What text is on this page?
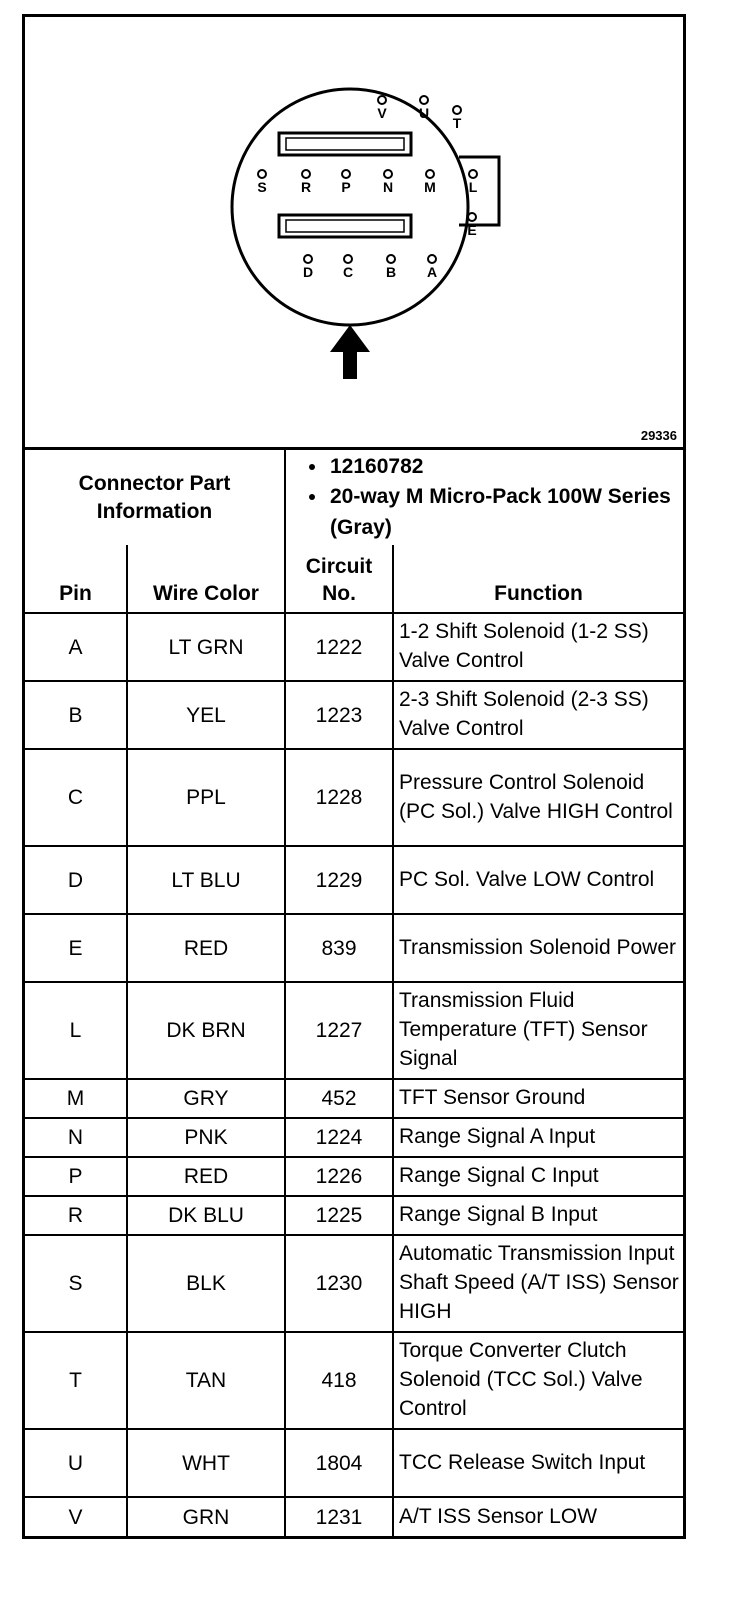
V U
T
S R P N M L
E
D C B A
29336
Connector Part Information	
• 12160782
• 20-way M Micro-Pack 100W Series (Gray)
Pin	Wire Color	Circuit No.	Function
A	LT GRN	1222	1-2 Shift Solenoid (1-2 SS) Valve Control
B	YEL	1223	2-3 Shift Solenoid (2-3 SS) Valve Control
C	PPL	1228	Pressure Control Solenoid (PC Sol.) Valve HIGH Control
D	LT BLU	1229	PC Sol. Valve LOW Control
E	RED	839	Transmission Solenoid Power
L	DK BRN	1227	Transmission Fluid Temperature (TFT) Sensor Signal
M	GRY	452	TFT Sensor Ground
N	PNK	1224	Range Signal A Input
P	RED	1226	Range Signal C Input
R	DK BLU	1225	Range Signal B Input
S	BLK	1230	Automatic Transmission Input Shaft Speed (A/T ISS) Sensor HIGH
T	TAN	418	Torque Converter Clutch Solenoid (TCC Sol.) Valve Control
U	WHT	1804	TCC Release Switch Input
V	GRN	1231	A/T ISS Sensor LOW
